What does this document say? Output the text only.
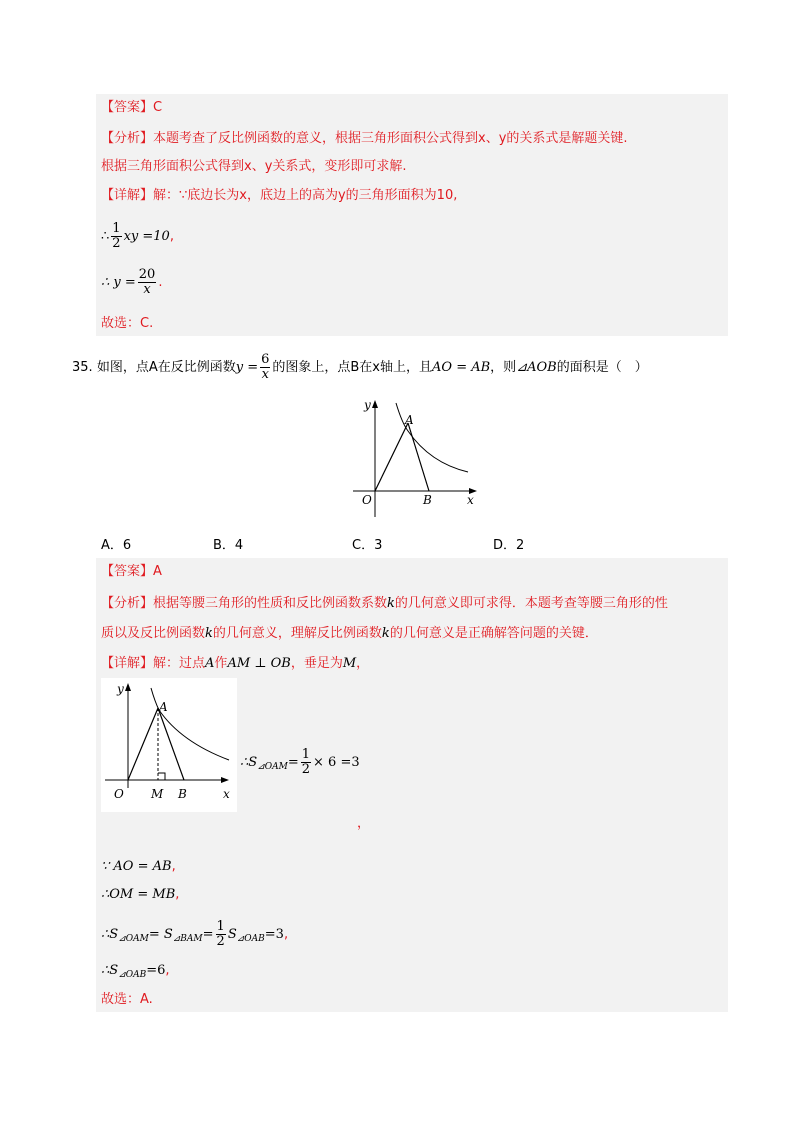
【答案】C
【分析】本题考查了反比例函数的意义，根据三角形面积公式得到x、y的关系式是解题关键.
根据三角形面积公式得到x、y关系式，变形即可求解.
【详解】解：∵底边长为x，底边上的高为y的三角形面积为10,
∴ $\frac{1}{2}$ xy =10,
∴ $y = \frac{20}{x}$ .
故选：C.
35. 如图，点A在反比例函数$y = \frac{6}{x}$ 的图象上，点B在x轴上，且AO = AB，则⊿AOB的面积是（　）
y
x
O
A
B
A．6	B．4	C．3	D．2
【答案】A
【分析】根据等腰三角形的性质和反比例函数系数k的几何意义即可求得．本题考查等腰三角形的性
质以及反比例函数k的几何意义，理解反比例函数k的几何意义是正确解答问题的关键．
【详解】解：过点A作AM ⊥ OB，垂足为M，
y
x
O
A
M B
$\therefore S_{⊿OAM}= \frac{1}{2} \times 6 =3$
，
∵ AO = AB,
∴OM = MB,
$\therefore S_{⊿OAM}= S_{⊿BAM}= \frac{1}{2} S_{⊿OAB}=3$,
$\therefore S_{⊿OAB}=6$,
故选：A.
